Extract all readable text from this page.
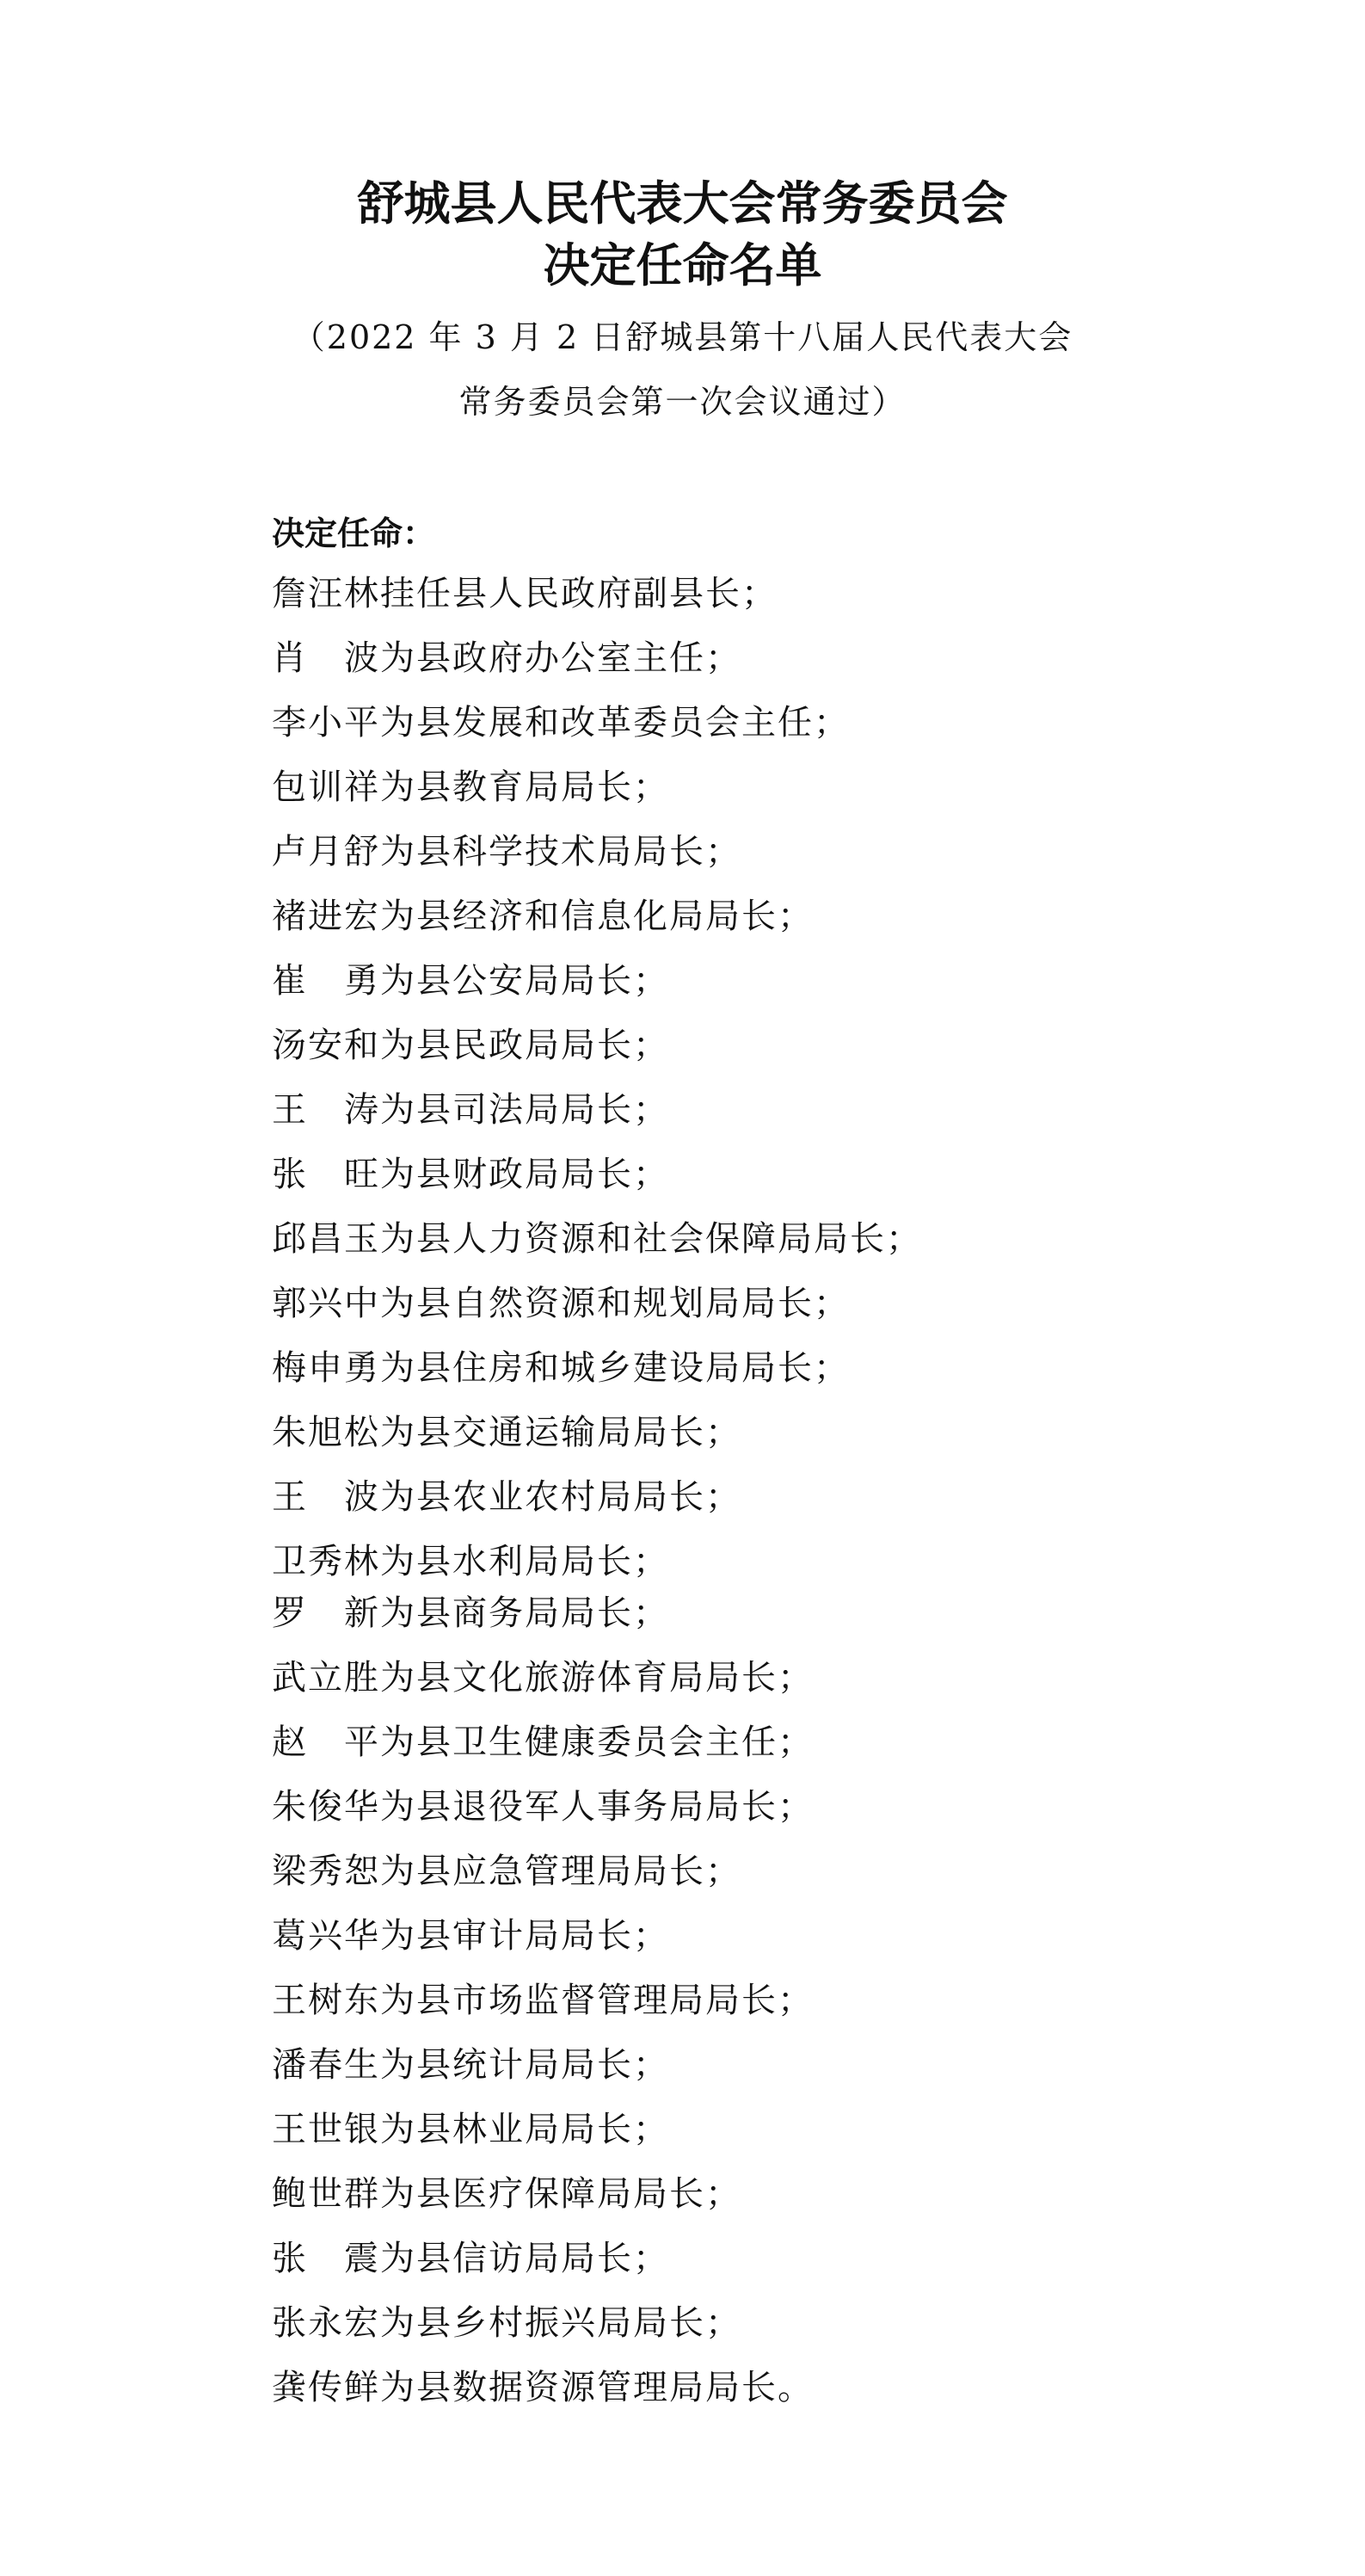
舒城县人民代表大会常务委员会
决定任命名单

（2022 年 3 月 2 日舒城县第十八届人民代表大会

常务委员会第一次会议通过）

决定任命：

詹汪林挂任县人民政府副县长；
肖　波为县政府办公室主任；
李小平为县发展和改革委员会主任；
包训祥为县教育局局长；
卢月舒为县科学技术局局长；
褚进宏为县经济和信息化局局长；
崔　勇为县公安局局长；
汤安和为县民政局局长；
王　涛为县司法局局长；
张　旺为县财政局局长；
邱昌玉为县人力资源和社会保障局局长；
郭兴中为县自然资源和规划局局长；
梅申勇为县住房和城乡建设局局长；
朱旭松为县交通运输局局长；
王　波为县农业农村局局长；
卫秀林为县水利局局长；
罗　新为县商务局局长；
武立胜为县文化旅游体育局局长；
赵　平为县卫生健康委员会主任；
朱俊华为县退役军人事务局局长；
梁秀恕为县应急管理局局长；
葛兴华为县审计局局长；
王树东为县市场监督管理局局长；
潘春生为县统计局局长；
王世银为县林业局局长；
鲍世群为县医疗保障局局长；
张　震为县信访局局长；
张永宏为县乡村振兴局局长；
龚传鲜为县数据资源管理局局长。
